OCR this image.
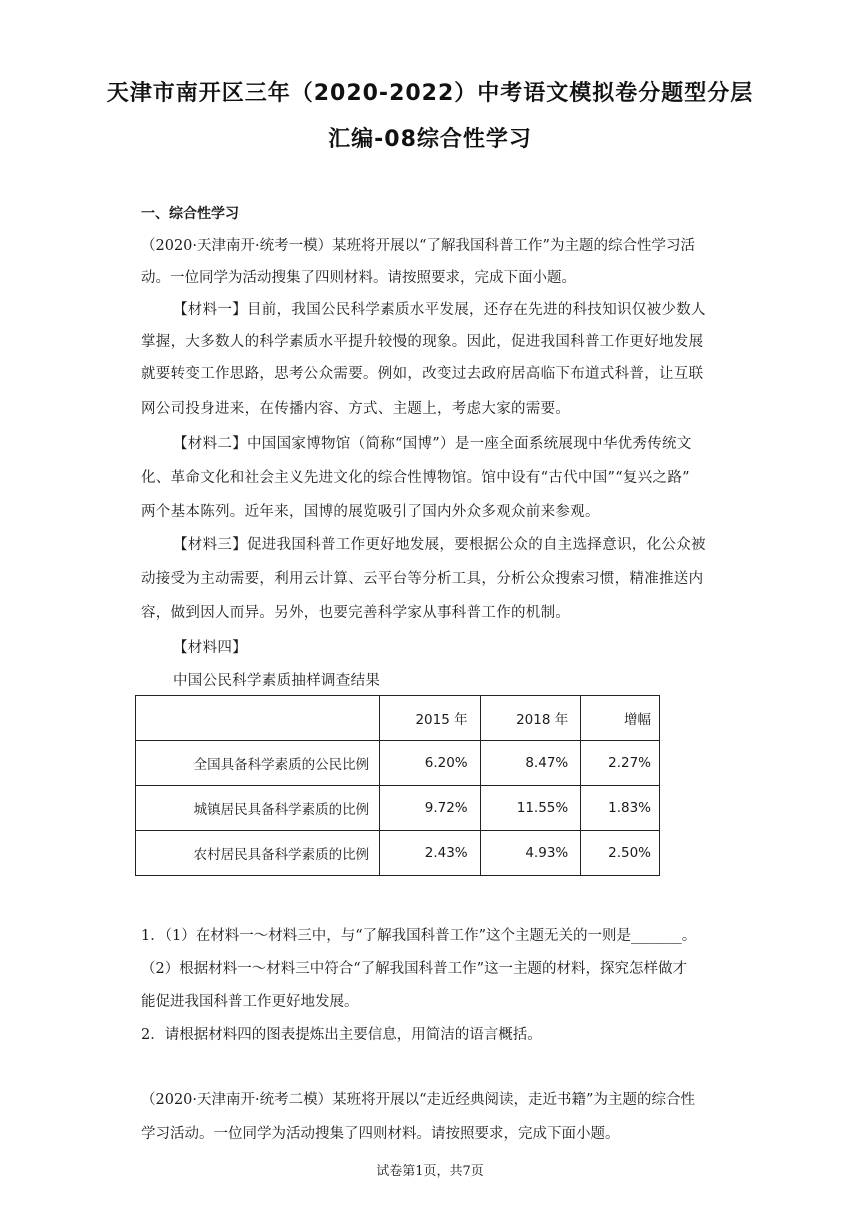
天津市南开区三年（2020-2022）中考语文模拟卷分题型分层
汇编-08综合性学习
一、综合性学习
（2020·天津南开·统考一模）某班将开展以“了解我国科普工作”为主题的综合性学习活
动。一位同学为活动搜集了四则材料。请按照要求，完成下面小题。
【材料一】目前，我国公民科学素质水平发展，还存在先进的科技知识仅被少数人
掌握，大多数人的科学素质水平提升较慢的现象。因此，促进我国科普工作更好地发展
就要转变工作思路，思考公众需要。例如，改变过去政府居高临下布道式科普，让互联
网公司投身进来，在传播内容、方式、主题上，考虑大家的需要。
【材料二】中国国家博物馆（简称“国博”）是一座全面系统展现中华优秀传统文
化、革命文化和社会主义先进文化的综合性博物馆。馆中设有“古代中国”“复兴之路”
两个基本陈列。近年来，国博的展览吸引了国内外众多观众前来参观。
【材料三】促进我国科普工作更好地发展，要根据公众的自主选择意识，化公众被
动接受为主动需要，利用云计算、云平台等分析工具，分析公众搜索习惯，精准推送内
容，做到因人而异。另外，也要完善科学家从事科普工作的机制。
【材料四】
中国公民科学素质抽样调查结果
	2015 年	2018 年	增幅
全国具备科学素质的公民比例	6.20%	8.47%	2.27%
城镇居民具备科学素质的比例	9.72%	11.55%	1.83%
农村居民具备科学素质的比例	2.43%	4.93%	2.50%
1．（1）在材料一～材料三中，与“了解我国科普工作”这个主题无关的一则是_______。
（2）根据材料一～材料三中符合“了解我国科普工作”这一主题的材料，探究怎样做才
能促进我国科普工作更好地发展。
2．请根据材料四的图表提炼出主要信息，用简洁的语言概括。
（2020·天津南开·统考二模）某班将开展以“走近经典阅读，走近书籍”为主题的综合性
学习活动。一位同学为活动搜集了四则材料。请按照要求，完成下面小题。
试卷第1页，共7页
